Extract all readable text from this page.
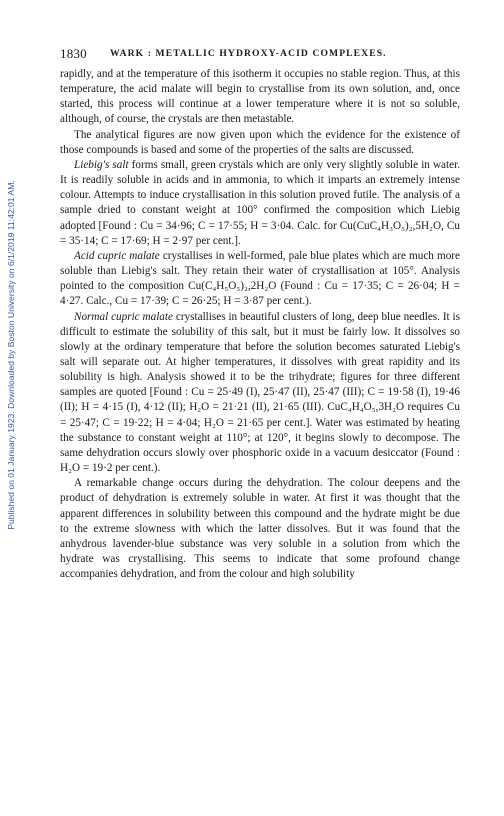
Published on 01 January 1923. Downloaded by Boston University on 6/1/2019 11:42:01 AM.
1830 WARK : METALLIC HYDROXY-ACID COMPLEXES.

rapidly, and at the temperature of this isotherm it occupies no stable region. Thus, at this temperature, the acid malate will begin to crystallise from its own solution, and, once started, this process will continue at a lower temperature where it is not so soluble, although, of course, the crystals are then metastable.

The analytical figures are now given upon which the evidence for the existence of those compounds is based and some of the properties of the salts are discussed.

Liebig's salt forms small, green crystals which are only very slightly soluble in water. It is readily soluble in acids and in ammonia, to which it imparts an extremely intense colour. Attempts to induce crystallisation in this solution proved futile. The analysis of a sample dried to constant weight at 100° confirmed the composition which Liebig adopted [Found : Cu = 34·96; C = 17·55; H = 3·04. Calc. for Cu(CuC₄H₃O₅)₂,5H₂O, Cu = 35·14; C = 17·69; H = 2·97 per cent.].

Acid cupric malate crystallises in well-formed, pale blue plates which are much more soluble than Liebig's salt. They retain their water of crystallisation at 105°. Analysis pointed to the composition Cu(C₄H₅O₅)₂,2H₂O (Found : Cu = 17·35; C = 26·04; H = 4·27. Calc., Cu = 17·39; C = 26·25; H = 3·87 per cent.).

Normal cupric malate crystallises in beautiful clusters of long, deep blue needles. It is difficult to estimate the solubility of this salt, but it must be fairly low. It dissolves so slowly at the ordinary temperature that before the solution becomes saturated Liebig's salt will separate out. At higher temperatures, it dissolves with great rapidity and its solubility is high. Analysis showed it to be the trihydrate; figures for three different samples are quoted [Found : Cu = 25·49 (I), 25·47 (II), 25·47 (III); C = 19·58 (I), 19·46 (II); H = 4·15 (I), 4·12 (II); H₂O = 21·21 (II), 21·65 (III). CuC₄H₄O₅,3H₂O requires Cu = 25·47; C = 19·22; H = 4·04; H₂O = 21·65 per cent.]. Water was estimated by heating the substance to constant weight at 110°; at 120°, it begins slowly to decompose. The same dehydration occurs slowly over phosphoric oxide in a vacuum desiccator (Found : H₂O = 19·2 per cent.).

A remarkable change occurs during the dehydration. The colour deepens and the product of dehydration is extremely soluble in water. At first it was thought that the apparent differences in solubility between this compound and the hydrate might be due to the extreme slowness with which the latter dissolves. But it was found that the anhydrous lavender-blue substance was very soluble in a solution from which the hydrate was crystallising. This seems to indicate that some profound change accompanies dehydration, and from the colour and high solubility
